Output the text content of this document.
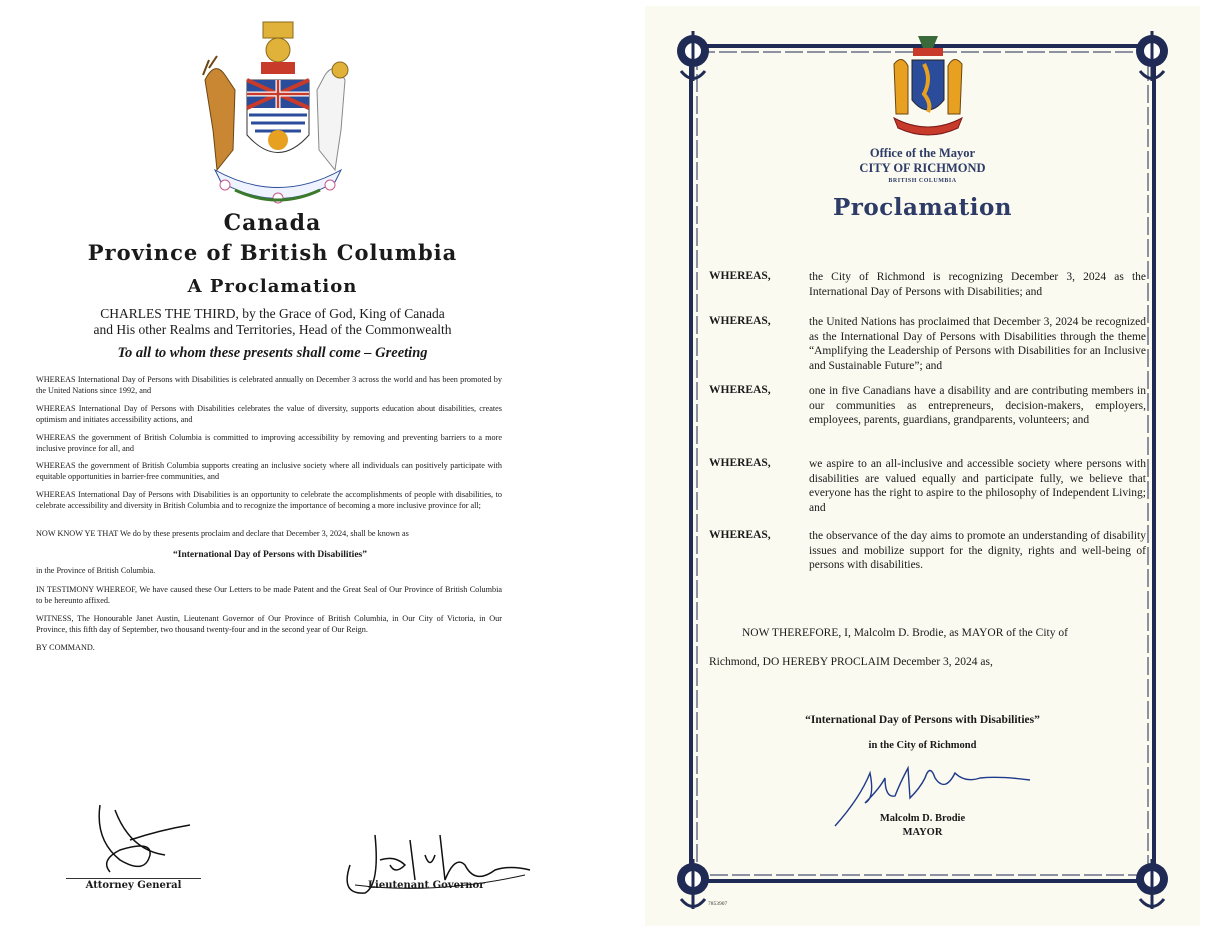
Canada
Province of British Columbia
A Proclamation
CHARLES THE THIRD, by the Grace of God, King of Canada
and His other Realms and Territories, Head of the Commonwealth
To all to whom these presents shall come – Greeting
WHEREAS International Day of Persons with Disabilities is celebrated annually on December 3 across the world and has been promoted by the United Nations since 1992, and
WHEREAS International Day of Persons with Disabilities celebrates the value of diversity, supports education about disabilities, creates optimism and initiates accessibility actions, and
WHEREAS the government of British Columbia is committed to improving accessibility by removing and preventing barriers to a more inclusive province for all, and
WHEREAS the government of British Columbia supports creating an inclusive society where all individuals can positively participate with equitable opportunities in barrier-free communities, and
WHEREAS International Day of Persons with Disabilities is an opportunity to celebrate the accomplishments of people with disabilities, to celebrate accessibility and diversity in British Columbia and to recognize the importance of becoming a more inclusive province for all;
NOW KNOW YE THAT We do by these presents proclaim and declare that December 3, 2024, shall be known as
“International Day of Persons with Disabilities”
in the Province of British Columbia.
IN TESTIMONY WHEREOF, We have caused these Our Letters to be made Patent and the Great Seal of Our Province of British Columbia to be hereunto affixed.
WITNESS, The Honourable Janet Austin, Lieutenant Governor of Our Province of British Columbia, in Our City of Victoria, in Our Province, this fifth day of September, two thousand twenty-four and in the second year of Our Reign.
BY COMMAND.
Attorney General	Lieutenant Governor
Office of the Mayor
CITY OF RICHMOND
BRITISH COLUMBIA
Proclamation
WHEREAS,	the City of Richmond is recognizing December 3, 2024 as the International Day of Persons with Disabilities; and
WHEREAS,	the United Nations has proclaimed that December 3, 2024 be recognized as the International Day of Persons with Disabilities through the theme “Amplifying the Leadership of Persons with Disabilities for an Inclusive and Sustainable Future”; and
WHEREAS,	one in five Canadians have a disability and are contributing members in our communities as entrepreneurs, decision-makers, employers, employees, parents, guardians, grandparents, volunteers; and
WHEREAS,	we aspire to an all-inclusive and accessible society where persons with disabilities are valued equally and participate fully, we believe that everyone has the right to aspire to the philosophy of Independent Living; and
WHEREAS,	the observance of the day aims to promote an understanding of disability issues and mobilize support for the dignity, rights and well-being of persons with disabilities.
NOW THEREFORE, I, Malcolm D. Brodie, as MAYOR of the City of
Richmond, DO HEREBY PROCLAIM December 3, 2024 as,
“International Day of Persons with Disabilities”
in the City of Richmond
Malcolm D. Brodie
MAYOR
7853907
